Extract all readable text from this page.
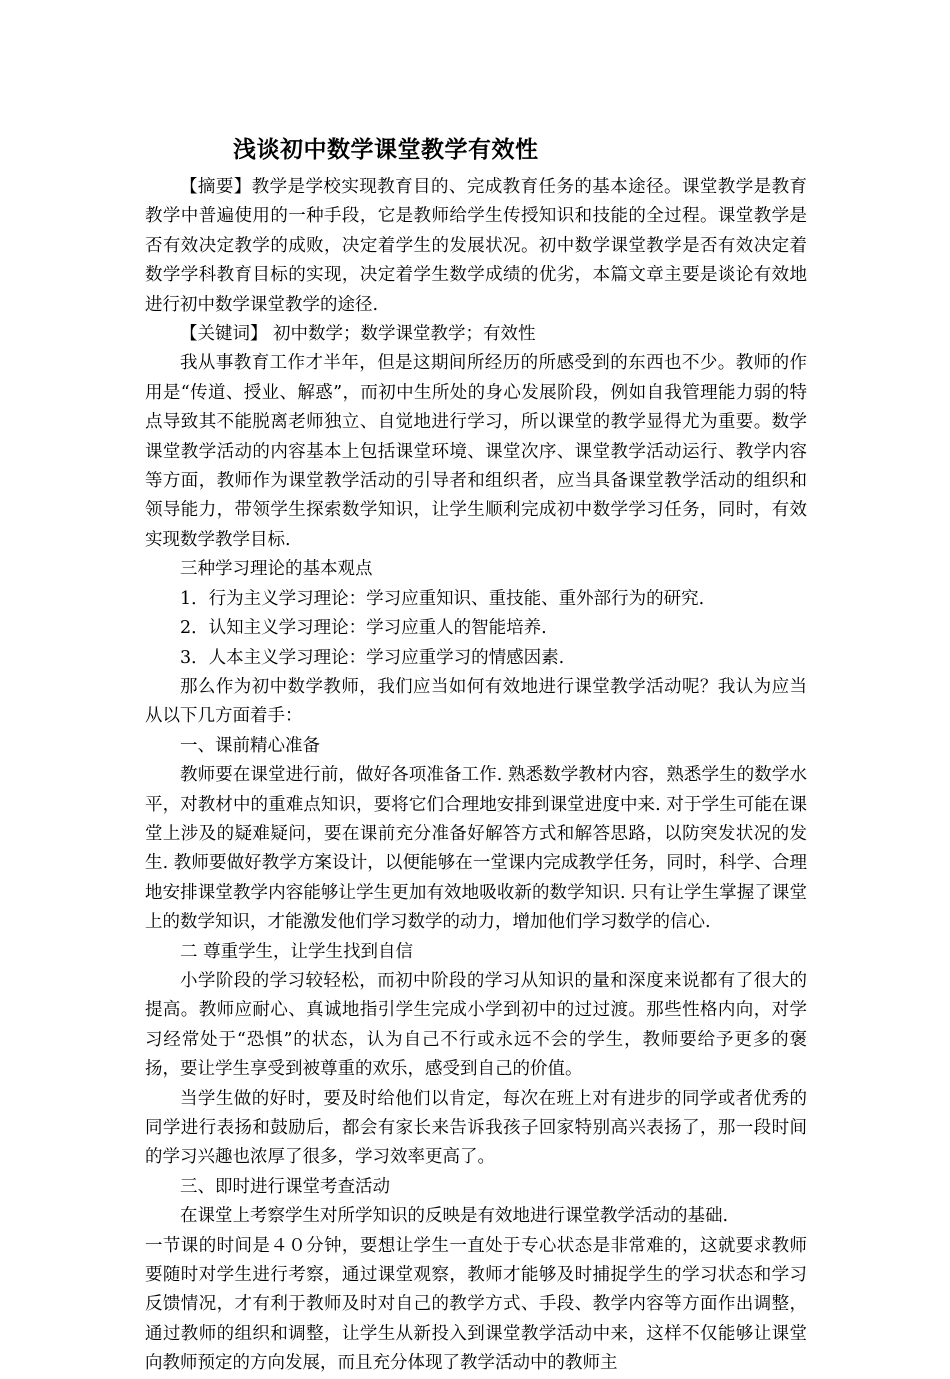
浅谈初中数学课堂教学有效性

【摘要】教学是学校实现教育目的、完成教育任务的基本途径。课堂教学是教育教学中普遍使用的一种手段，它是教师给学生传授知识和技能的全过程。课堂教学是否有效决定教学的成败，决定着学生的发展状况。初中数学课堂教学是否有效决定着数学学科教育目标的实现，决定着学生数学成绩的优劣，本篇文章主要是谈论有效地进行初中数学课堂教学的途径.

【关键词】 初中数学；数学课堂教学；有效性

我从事教育工作才半年，但是这期间所经历的所感受到的东西也不少。教师的作用是“传道、授业、解惑”，而初中生所处的身心发展阶段，例如自我管理能力弱的特点导致其不能脱离老师独立、自觉地进行学习，所以课堂的教学显得尤为重要。数学课堂教学活动的内容基本上包括课堂环境、课堂次序、课堂教学活动运行、教学内容等方面，教师作为课堂教学活动的引导者和组织者，应当具备课堂教学活动的组织和领导能力，带领学生探索数学知识，让学生顺利完成初中数学学习任务，同时，有效实现数学教学目标.

三种学习理论的基本观点

1．行为主义学习理论：学习应重知识、重技能、重外部行为的研究.

2．认知主义学习理论：学习应重人的智能培养.

3．人本主义学习理论：学习应重学习的情感因素.

那么作为初中数学教师，我们应当如何有效地进行课堂教学活动呢？我认为应当从以下几方面着手：

一、课前精心准备

教师要在课堂进行前，做好各项准备工作. 熟悉数学教材内容，熟悉学生的数学水平，对教材中的重难点知识，要将它们合理地安排到课堂进度中来. 对于学生可能在课堂上涉及的疑难疑问，要在课前充分准备好解答方式和解答思路，以防突发状况的发生. 教师要做好教学方案设计，以便能够在一堂课内完成教学任务，同时，科学、合理地安排课堂教学内容能够让学生更加有效地吸收新的数学知识. 只有让学生掌握了课堂上的数学知识，才能激发他们学习数学的动力，增加他们学习数学的信心.

二 尊重学生，让学生找到自信

小学阶段的学习较轻松，而初中阶段的学习从知识的量和深度来说都有了很大的提高。教师应耐心、真诚地指引学生完成小学到初中的过过渡。那些性格内向，对学习经常处于“恐惧”的状态，认为自己不行或永远不会的学生，教师要给予更多的褒扬，要让学生享受到被尊重的欢乐，感受到自己的价值。

当学生做的好时，要及时给他们以肯定，每次在班上对有进步的同学或者优秀的同学进行表扬和鼓励后，都会有家长来告诉我孩子回家特别高兴表扬了，那一段时间的学习兴趣也浓厚了很多，学习效率更高了。

三、即时进行课堂考查活动

在课堂上考察学生对所学知识的反映是有效地进行课堂教学活动的基础.

一节课的时间是４０分钟，要想让学生一直处于专心状态是非常难的，这就要求教师要随时对学生进行考察，通过课堂观察，教师才能够及时捕捉学生的学习状态和学习反馈情况，才有利于教师及时对自己的教学方式、手段、教学内容等方面作出调整，通过教师的组织和调整，让学生从新投入到课堂教学活动中来，这样不仅能够让课堂向教师预定的方向发展，而且充分体现了教学活动中的教师主
